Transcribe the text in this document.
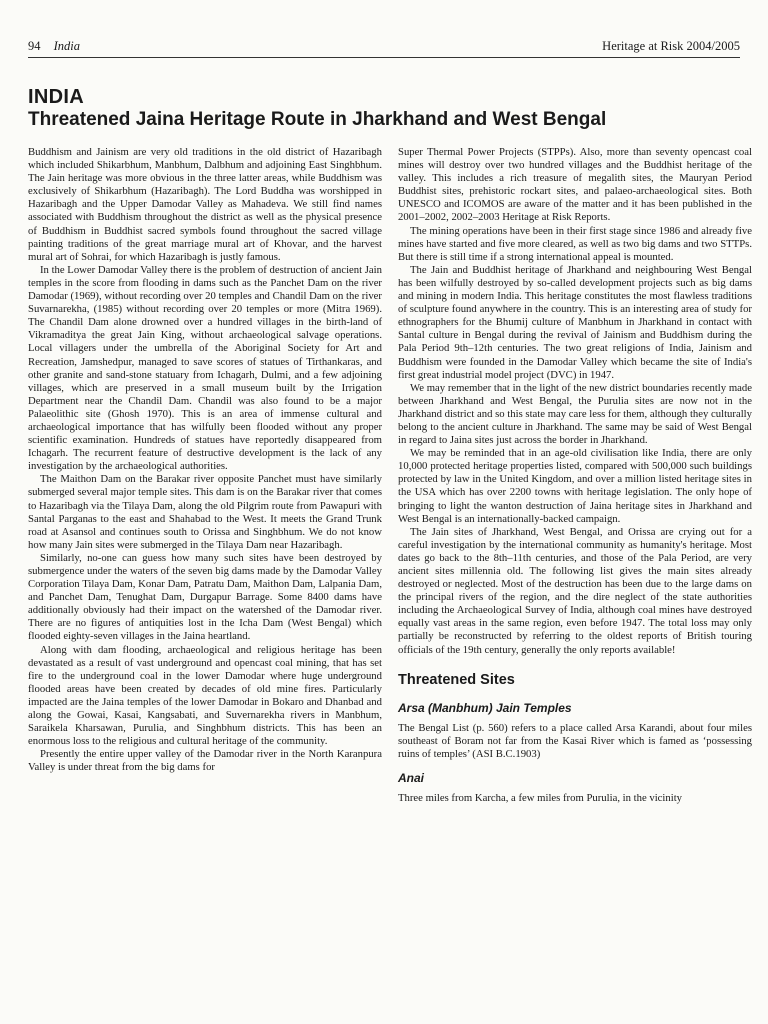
94 India	Heritage at Risk 2004/2005
INDIA
Threatened Jaina Heritage Route in Jharkhand and West Bengal

Buddhism and Jainism are very old traditions in the old district of Hazaribagh which included Shikarbhum, Manbhum, Dalbhum and adjoining East Singhbhum. The Jain heritage was more obvious in the three latter areas, while Buddhism was exclusively of Shikarbhum (Hazaribagh). The Lord Buddha was worshipped in Hazaribagh and the Upper Damodar Valley as Mahadeva. We still find names associated with Buddhism throughout the district as well as the physical presence of Buddhism in Buddhist sacred symbols found throughout the sacred village painting traditions of the great marriage mural art of Khovar, and the harvest mural art of Sohrai, for which Hazaribagh is justly famous.

In the Lower Damodar Valley there is the problem of destruction of ancient Jain temples in the score from flooding in dams such as the Panchet Dam on the river Damodar (1969), without recording over 20 temples and Chandil Dam on the river Suvarnarekha, (1985) without recording over 20 temples or more (Mitra 1969). The Chandil Dam alone drowned over a hundred villages in the birth-land of Vikramaditya the great Jain King, without archaeological salvage operations. Local villagers under the umbrella of the Aboriginal Society for Art and Recreation, Jamshedpur, managed to save scores of statues of Tirthankaras, and other granite and sand-stone statuary from Ichagarh, Dulmi, and a few adjoining villages, which are preserved in a small museum built by the Irrigation Department near the Chandil Dam. Chandil was also found to be a major Palaeolithic site (Ghosh 1970). This is an area of immense cultural and archaeological importance that has wilfully been flooded without any proper scientific examination. Hundreds of statues have reportedly disappeared from Ichagarh. The recurrent feature of destructive development is the lack of any investigation by the archaeological authorities.

The Maithon Dam on the Barakar river opposite Panchet must have similarly submerged several major temple sites. This dam is on the Barakar river that comes to Hazaribagh via the Tilaya Dam, along the old Pilgrim route from Pawapuri with Santal Parganas to the east and Shahabad to the West. It meets the Grand Trunk road at Asansol and continues south to Orissa and Singhbhum. We do not know how many Jain sites were submerged in the Tilaya Dam near Hazaribagh.

Similarly, no-one can guess how many such sites have been destroyed by submergence under the waters of the seven big dams made by the Damodar Valley Corporation Tilaya Dam, Konar Dam, Patratu Dam, Maithon Dam, Lalpania Dam, and Panchet Dam, Tenughat Dam, Durgapur Barrage. Some 8400 dams have additionally obviously had their impact on the watershed of the Damodar river. There are no figures of antiquities lost in the Icha Dam (West Bengal) which flooded eighty-seven villages in the Jaina heartland.

Along with dam flooding, archaeological and religious heritage has been devastated as a result of vast underground and opencast coal mining, that has set fire to the underground coal in the lower Damodar where huge underground flooded areas have been created by decades of old mine fires. Particularly impacted are the Jaina temples of the lower Damodar in Bokaro and Dhanbad and along the Gowai, Kasai, Kangsabati, and Suvernarekha rivers in Manbhum, Saraikela Kharsawan, Purulia, and Singhbhum districts. This has been an enormous loss to the religious and cultural heritage of the community.

Presently the entire upper valley of the Damodar river in the North Karanpura Valley is under threat from the big dams for

Super Thermal Power Projects (STPPs). Also, more than seventy opencast coal mines will destroy over two hundred villages and the Buddhist heritage of the valley. This includes a rich treasure of megalith sites, the Mauryan Period Buddhist sites, prehistoric rockart sites, and palaeo-archaeological sites. Both UNESCO and ICOMOS are aware of the matter and it has been published in the 2001–2002, 2002–2003 Heritage at Risk Reports.

The mining operations have been in their first stage since 1986 and already five mines have started and five more cleared, as well as two big dams and two STTPs. But there is still time if a strong international appeal is mounted.

The Jain and Buddhist heritage of Jharkhand and neighbouring West Bengal has been wilfully destroyed by so-called development projects such as big dams and mining in modern India. This heritage constitutes the most flawless traditions of sculpture found anywhere in the country. This is an interesting area of study for ethnographers for the Bhumij culture of Manbhum in Jharkhand in contact with Santal culture in Bengal during the revival of Jainism and Buddhism during the Pala Period 9th–12th centuries. The two great religions of India, Jainism and Buddhism were founded in the Damodar Valley which became the site of India's first great industrial model project (DVC) in 1947.

We may remember that in the light of the new district boundaries recently made between Jharkhand and West Bengal, the Purulia sites are now not in the Jharkhand district and so this state may care less for them, although they culturally belong to the ancient culture in Jharkhand. The same may be said of West Bengal in regard to Jaina sites just across the border in Jharkhand.

We may be reminded that in an age-old civilisation like India, there are only 10,000 protected heritage properties listed, compared with 500,000 such buildings protected by law in the United Kingdom, and over a million listed heritage sites in the USA which has over 2200 towns with heritage legislation. The only hope of bringing to light the wanton destruction of Jaina heritage sites in Jharkhand and West Bengal is an internationally-backed campaign.

The Jain sites of Jharkhand, West Bengal, and Orissa are crying out for a careful investigation by the international community as humanity's heritage. Most dates go back to the 8th–11th centuries, and those of the Pala Period, are very ancient sites millennia old. The following list gives the main sites already destroyed or neglected. Most of the destruction has been due to the large dams on the principal rivers of the region, and the dire neglect of the state authorities including the Archaeological Survey of India, although coal mines have destroyed equally vast areas in the same region, even before 1947. The total loss may only partially be reconstructed by referring to the oldest reports of British touring officials of the 19th century, generally the only reports available!

Threatened Sites
Arsa (Manbhum) Jain Temples

The Bengal List (p. 560) refers to a place called Arsa Karandi, about four miles southeast of Boram not far from the Kasai River which is famed as ‘possessing ruins of temples’ (ASI B.C.1903)

Anai

Three miles from Karcha, a few miles from Purulia, in the vicinity
